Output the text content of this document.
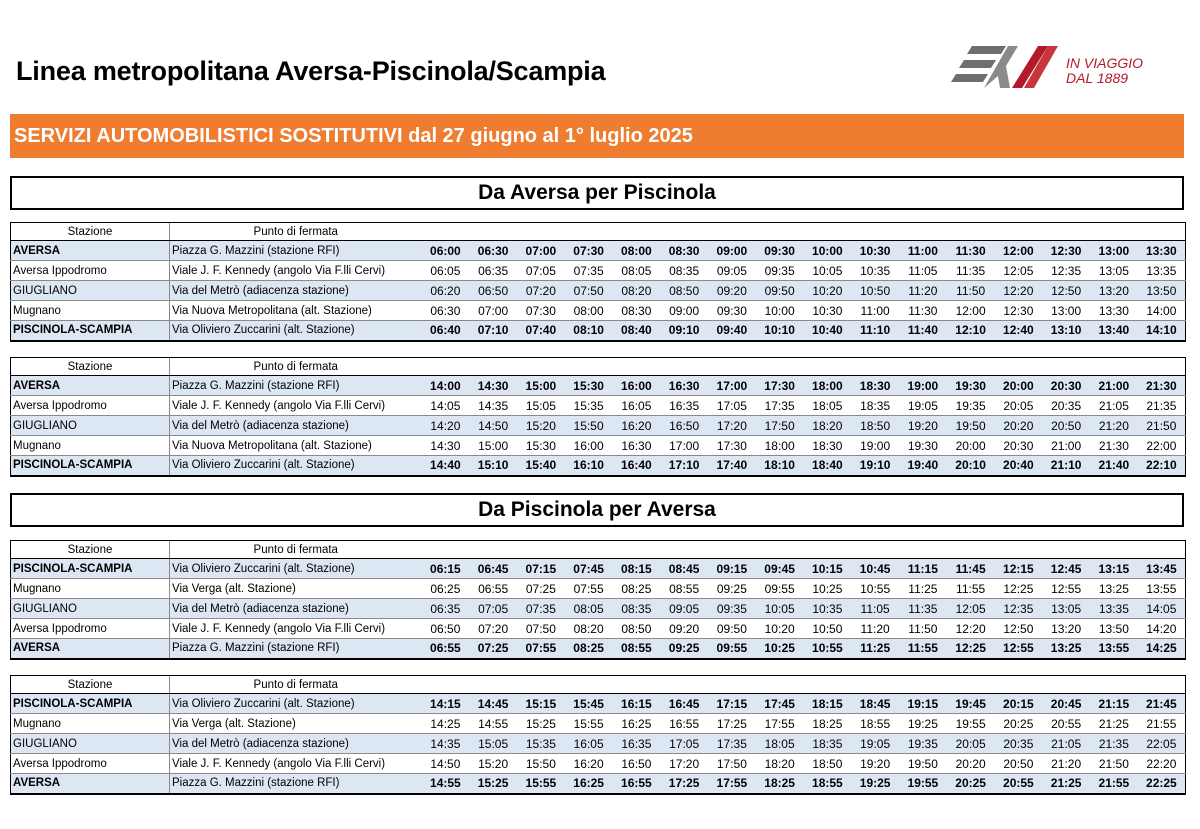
Linea metropolitana Aversa-Piscinola/Scampia	IN VIAGGIO
DAL 1889
SERVIZI AUTOMOBILISTICI SOSTITUTIVI dal 27 giugno al 1° luglio 2025
Da Aversa per Piscinola
Stazione	Punto di fermata																
AVERSA	Piazza G. Mazzini (stazione RFI)	06:00	06:30	07:00	07:30	08:00	08:30	09:00	09:30	10:00	10:30	11:00	11:30	12:00	12:30	13:00	13:30
Aversa Ippodromo	Viale J. F. Kennedy (angolo Via F.lli Cervi)	06:05	06:35	07:05	07:35	08:05	08:35	09:05	09:35	10:05	10:35	11:05	11:35	12:05	12:35	13:05	13:35
GIUGLIANO	Via del Metrò (adiacenza stazione)	06:20	06:50	07:20	07:50	08:20	08:50	09:20	09:50	10:20	10:50	11:20	11:50	12:20	12:50	13:20	13:50
Mugnano	Via Nuova Metropolitana (alt. Stazione)	06:30	07:00	07:30	08:00	08:30	09:00	09:30	10:00	10:30	11:00	11:30	12:00	12:30	13:00	13:30	14:00
PISCINOLA-SCAMPIA	Via Oliviero Zuccarini (alt. Stazione)	06:40	07:10	07:40	08:10	08:40	09:10	09:40	10:10	10:40	11:10	11:40	12:10	12:40	13:10	13:40	14:10
Stazione	Punto di fermata																
AVERSA	Piazza G. Mazzini (stazione RFI)	14:00	14:30	15:00	15:30	16:00	16:30	17:00	17:30	18:00	18:30	19:00	19:30	20:00	20:30	21:00	21:30
Aversa Ippodromo	Viale J. F. Kennedy (angolo Via F.lli Cervi)	14:05	14:35	15:05	15:35	16:05	16:35	17:05	17:35	18:05	18:35	19:05	19:35	20:05	20:35	21:05	21:35
GIUGLIANO	Via del Metrò (adiacenza stazione)	14:20	14:50	15:20	15:50	16:20	16:50	17:20	17:50	18:20	18:50	19:20	19:50	20:20	20:50	21:20	21:50
Mugnano	Via Nuova Metropolitana (alt. Stazione)	14:30	15:00	15:30	16:00	16:30	17:00	17:30	18:00	18:30	19:00	19:30	20:00	20:30	21:00	21:30	22:00
PISCINOLA-SCAMPIA	Via Oliviero Zuccarini (alt. Stazione)	14:40	15:10	15:40	16:10	16:40	17:10	17:40	18:10	18:40	19:10	19:40	20:10	20:40	21:10	21:40	22:10
Da Piscinola per Aversa
Stazione	Punto di fermata																
PISCINOLA-SCAMPIA	Via Oliviero Zuccarini (alt. Stazione)	06:15	06:45	07:15	07:45	08:15	08:45	09:15	09:45	10:15	10:45	11:15	11:45	12:15	12:45	13:15	13:45
Mugnano	Via Verga (alt. Stazione)	06:25	06:55	07:25	07:55	08:25	08:55	09:25	09:55	10:25	10:55	11:25	11:55	12:25	12:55	13:25	13:55
GIUGLIANO	Via del Metrò (adiacenza stazione)	06:35	07:05	07:35	08:05	08:35	09:05	09:35	10:05	10:35	11:05	11:35	12:05	12:35	13:05	13:35	14:05
Aversa Ippodromo	Viale J. F. Kennedy (angolo Via F.lli Cervi)	06:50	07:20	07:50	08:20	08:50	09:20	09:50	10:20	10:50	11:20	11:50	12:20	12:50	13:20	13:50	14:20
AVERSA	Piazza G. Mazzini (stazione RFI)	06:55	07:25	07:55	08:25	08:55	09:25	09:55	10:25	10:55	11:25	11:55	12:25	12:55	13:25	13:55	14:25
Stazione	Punto di fermata																
PISCINOLA-SCAMPIA	Via Oliviero Zuccarini (alt. Stazione)	14:15	14:45	15:15	15:45	16:15	16:45	17:15	17:45	18:15	18:45	19:15	19:45	20:15	20:45	21:15	21:45
Mugnano	Via Verga (alt. Stazione)	14:25	14:55	15:25	15:55	16:25	16:55	17:25	17:55	18:25	18:55	19:25	19:55	20:25	20:55	21:25	21:55
GIUGLIANO	Via del Metrò (adiacenza stazione)	14:35	15:05	15:35	16:05	16:35	17:05	17:35	18:05	18:35	19:05	19:35	20:05	20:35	21:05	21:35	22:05
Aversa Ippodromo	Viale J. F. Kennedy (angolo Via F.lli Cervi)	14:50	15:20	15:50	16:20	16:50	17:20	17:50	18:20	18:50	19:20	19:50	20:20	20:50	21:20	21:50	22:20
AVERSA	Piazza G. Mazzini (stazione RFI)	14:55	15:25	15:55	16:25	16:55	17:25	17:55	18:25	18:55	19:25	19:55	20:25	20:55	21:25	21:55	22:25
